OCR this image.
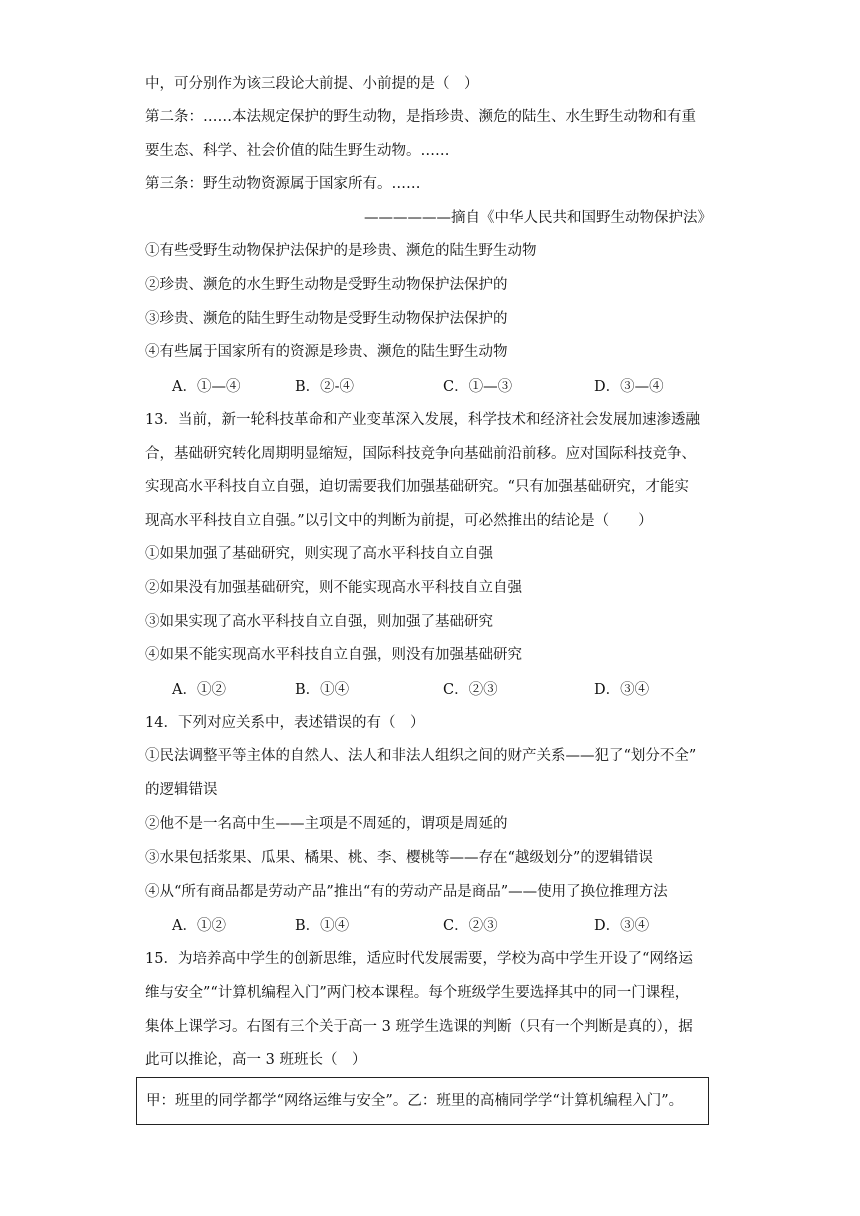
中，可分别作为该三段论大前提、小前提的是（　）
第二条：……本法规定保护的野生动物，是指珍贵、濒危的陆生、水生野生动物和有重
要生态、科学、社会价值的陆生野生动物。……
第三条：野生动物资源属于国家所有。……
——————摘自《中华人民共和国野生动物保护法》
①有些受野生动物保护法保护的是珍贵、濒危的陆生野生动物
②珍贵、濒危的水生野生动物是受野生动物保护法保护的
③珍贵、濒危的陆生野生动物是受野生动物保护法保护的
④有些属于国家所有的资源是珍贵、濒危的陆生野生动物
A．①—④	B．②-④	C．①—③	D．③—④
13．当前，新一轮科技革命和产业变革深入发展，科学技术和经济社会发展加速渗透融
合，基础研究转化周期明显缩短，国际科技竞争向基础前沿前移。应对国际科技竞争、
实现高水平科技自立自强，迫切需要我们加强基础研究。“只有加强基础研究，才能实
现高水平科技自立自强。”以引文中的判断为前提，可必然推出的结论是（　　）
①如果加强了基础研究，则实现了高水平科技自立自强
②如果没有加强基础研究，则不能实现高水平科技自立自强
③如果实现了高水平科技自立自强，则加强了基础研究
④如果不能实现高水平科技自立自强，则没有加强基础研究
A．①②	B．①④	C．②③	D．③④
14．下列对应关系中，表述错误的有（　）
①民法调整平等主体的自然人、法人和非法人组织之间的财产关系——犯了“划分不全”
的逻辑错误
②他不是一名高中生——主项是不周延的，谓项是周延的
③水果包括浆果、瓜果、橘果、桃、李、樱桃等——存在“越级划分”的逻辑错误
④从“所有商品都是劳动产品”推出“有的劳动产品是商品”——使用了换位推理方法
A．①②	B．①④	C．②③	D．③④
15．为培养高中学生的创新思维，适应时代发展需要，学校为高中学生开设了“网络运
维与安全”“计算机编程入门”两门校本课程。每个班级学生要选择其中的同一门课程，
集体上课学习。右图有三个关于高一 3 班学生选课的判断（只有一个判断是真的），据
此可以推论，高一 3 班班长（　）
甲：班里的同学都学“网络运维与安全”。乙：班里的高楠同学学“计算机编程入门”。
